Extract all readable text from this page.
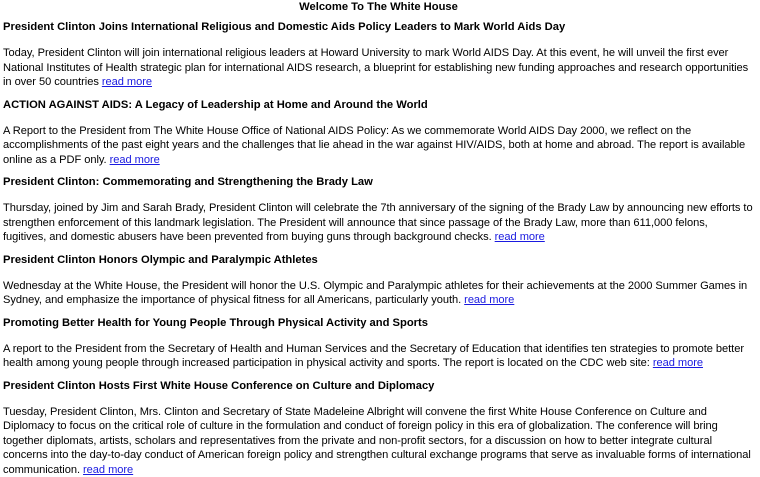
Welcome To The White House

President Clinton Joins International Religious and Domestic Aids Policy Leaders to Mark World Aids Day

Today, President Clinton will join international religious leaders at Howard University to mark World AIDS Day. At this event, he will unveil the first ever National Institutes of Health strategic plan for international AIDS research, a blueprint for establishing new funding approaches and research opportunities in over 50 countries read more

ACTION AGAINST AIDS: A Legacy of Leadership at Home and Around the World

A Report to the President from The White House Office of National AIDS Policy: As we commemorate World AIDS Day 2000, we reflect on the accomplishments of the past eight years and the challenges that lie ahead in the war against HIV/AIDS, both at home and abroad. The report is available online as a PDF only. read more

President Clinton: Commemorating and Strengthening the Brady Law

Thursday, joined by Jim and Sarah Brady, President Clinton will celebrate the 7th anniversary of the signing of the Brady Law by announcing new efforts to strengthen enforcement of this landmark legislation. The President will announce that since passage of the Brady Law, more than 611,000 felons, fugitives, and domestic abusers have been prevented from buying guns through background checks. read more

President Clinton Honors Olympic and Paralympic Athletes

Wednesday at the White House, the President will honor the U.S. Olympic and Paralympic athletes for their achievements at the 2000 Summer Games in Sydney, and emphasize the importance of physical fitness for all Americans, particularly youth. read more

Promoting Better Health for Young People Through Physical Activity and Sports

A report to the President from the Secretary of Health and Human Services and the Secretary of Education that identifies ten strategies to promote better health among young people through increased participation in physical activity and sports. The report is located on the CDC web site: read more

President Clinton Hosts First White House Conference on Culture and Diplomacy

Tuesday, President Clinton, Mrs. Clinton and Secretary of State Madeleine Albright will convene the first White House Conference on Culture and Diplomacy to focus on the critical role of culture in the formulation and conduct of foreign policy in this era of globalization. The conference will bring together diplomats, artists, scholars and representatives from the private and non-profit sectors, for a discussion on how to better integrate cultural concerns into the day-to-day conduct of American foreign policy and strengthen cultural exchange programs that serve as invaluable forms of international communication. read more
